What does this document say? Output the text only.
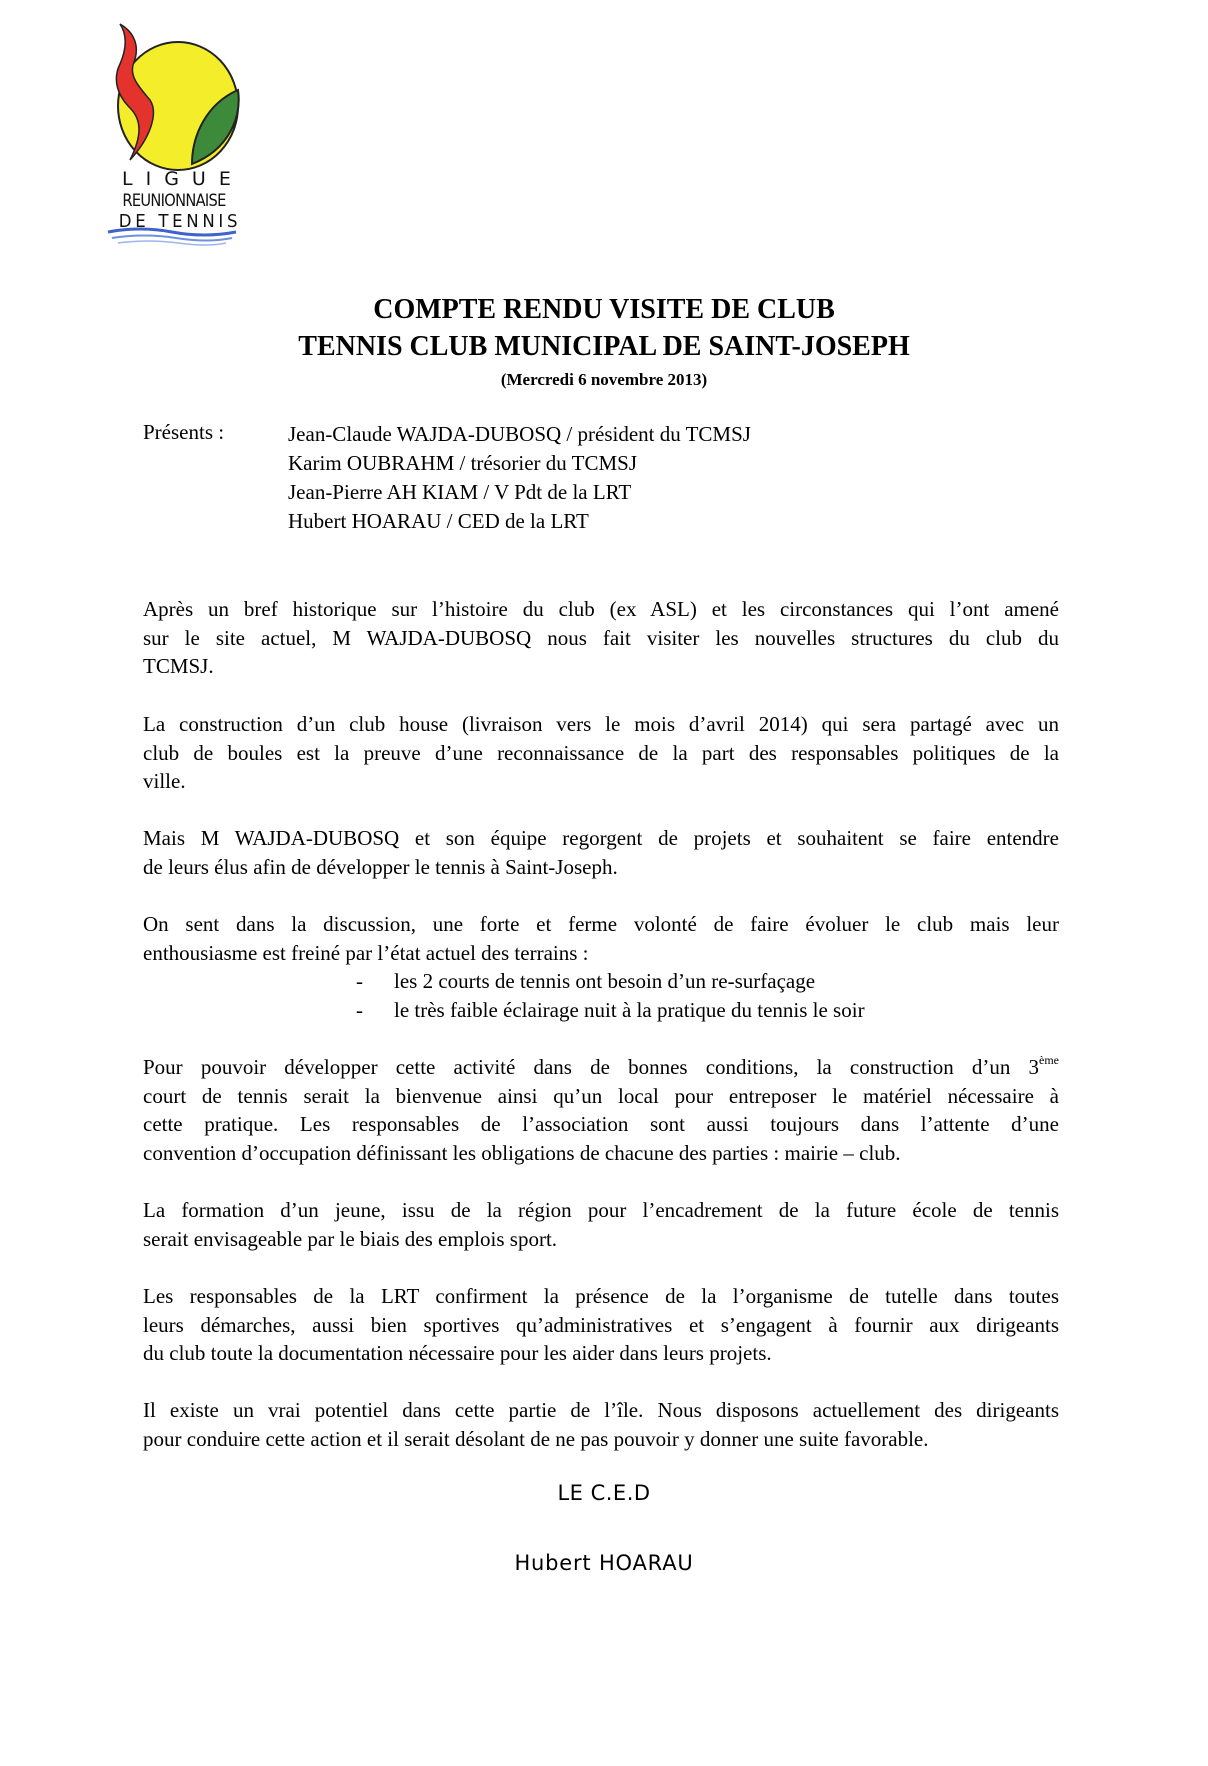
LIGUE
REUNIONNAISE
DE TENNIS
COMPTE RENDU VISITE DE CLUB
TENNIS CLUB MUNICIPAL DE SAINT-JOSEPH
(Mercredi 6 novembre 2013)
Présents :	Jean-Claude WAJDA-DUBOSQ / président du TCMSJ
Karim OUBRAHM / trésorier du TCMSJ
Jean-Pierre AH KIAM / V Pdt de la LRT
Hubert HOARAU / CED de la LRT
Après un bref historique sur l’histoire du club (ex ASL) et les circonstances qui l’ont amené
sur le site actuel, M WAJDA-DUBOSQ nous fait visiter les nouvelles structures du club du
TCMSJ.
La construction d’un club house (livraison vers le mois d’avril 2014) qui sera partagé avec un
club de boules est la preuve d’une reconnaissance de la part des responsables politiques de la
ville.
Mais M WAJDA-DUBOSQ et son équipe regorgent de projets et souhaitent se faire entendre
de leurs élus afin de développer le tennis à Saint-Joseph.
On sent dans la discussion, une forte et ferme volonté de faire évoluer le club mais leur
enthousiasme est freiné par l’état actuel des terrains :
- les 2 courts de tennis ont besoin d’un re-surfaçage
- le très faible éclairage nuit à la pratique du tennis le soir
Pour pouvoir développer cette activité dans de bonnes conditions, la construction d’un 3ème
court de tennis serait la bienvenue ainsi qu’un local pour entreposer le matériel nécessaire à
cette pratique. Les responsables de l’association sont aussi toujours dans l’attente d’une
convention d’occupation définissant les obligations de chacune des parties : mairie – club.
La formation d’un jeune, issu de la région pour l’encadrement de la future école de tennis
serait envisageable par le biais des emplois sport.
Les responsables de la LRT confirment la présence de la l’organisme de tutelle dans toutes
leurs démarches, aussi bien sportives qu’administratives et s’engagent à fournir aux dirigeants
du club toute la documentation nécessaire pour les aider dans leurs projets.
Il existe un vrai potentiel dans cette partie de l’île. Nous disposons actuellement des dirigeants
pour conduire cette action et il serait désolant de ne pas pouvoir y donner une suite favorable.
LE C.E.D
Hubert HOARAU
